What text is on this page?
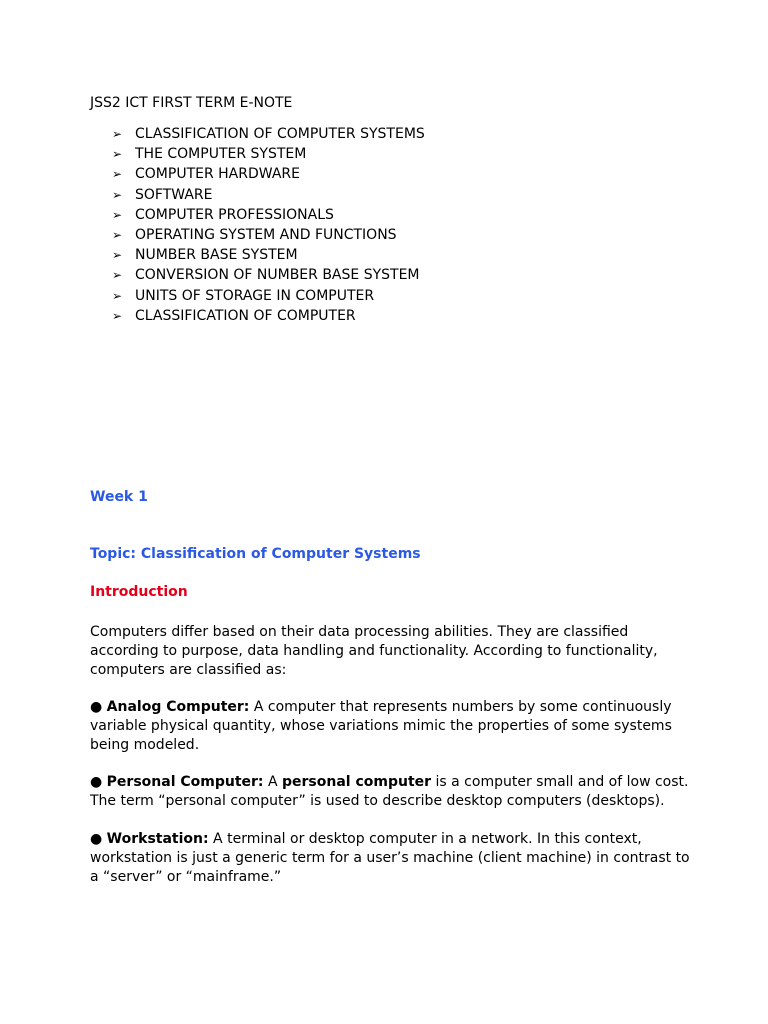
JSS2 ICT FIRST TERM E-NOTE
➢ CLASSIFICATION OF COMPUTER SYSTEMS
➢ THE COMPUTER SYSTEM
➢ COMPUTER HARDWARE
➢ SOFTWARE
➢ COMPUTER PROFESSIONALS
➢ OPERATING SYSTEM AND FUNCTIONS
➢ NUMBER BASE SYSTEM
➢ CONVERSION OF NUMBER BASE SYSTEM
➢ UNITS OF STORAGE IN COMPUTER
➢ CLASSIFICATION OF COMPUTER
Week 1
Topic: Classification of Computer Systems
Introduction

Computers differ based on their data processing abilities. They are classified according to purpose, data handling and functionality. According to functionality, computers are classified as:

● Analog Computer: A computer that represents numbers by some continuously variable physical quantity, whose variations mimic the properties of some systems being modeled.

● Personal Computer: A personal computer is a computer small and of low cost. The term “personal computer” is used to describe desktop computers (desktops).

● Workstation: A terminal or desktop computer in a network. In this context, workstation is just a generic term for a user’s machine (client machine) in contrast to a “server” or “mainframe.”
